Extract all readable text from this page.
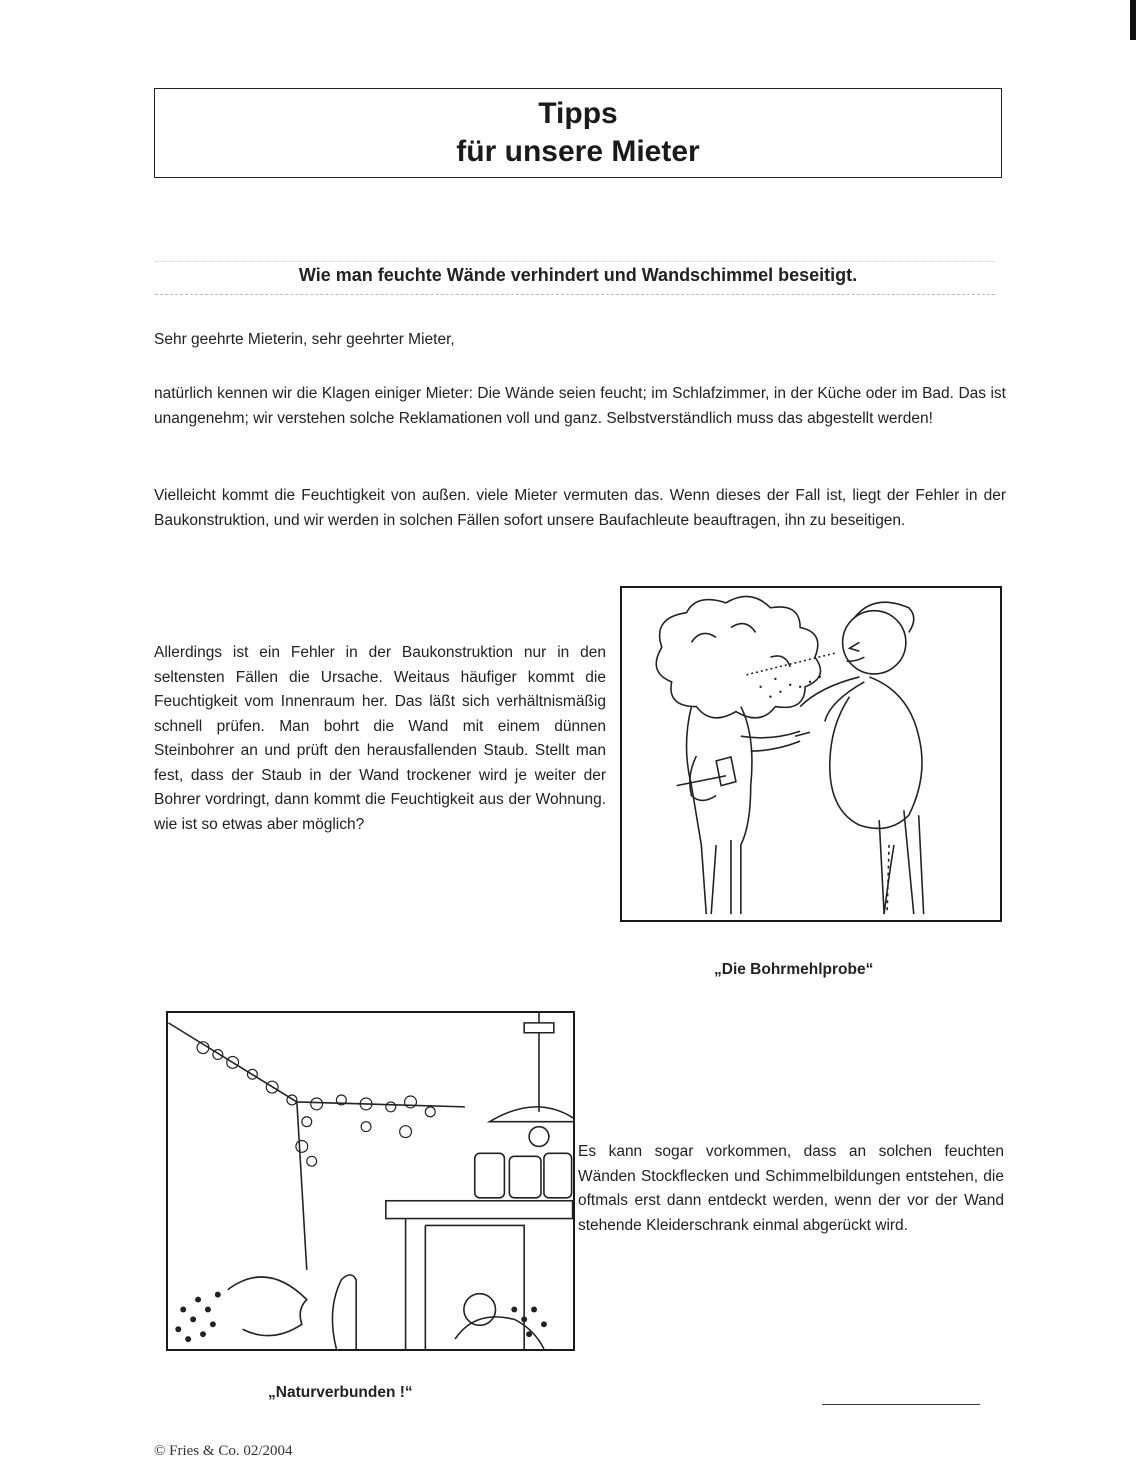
Tipps
für unsere Mieter
Wie man feuchte Wände verhindert und Wandschimmel beseitigt.
Sehr geehrte Mieterin, sehr geehrter Mieter,
natürlich kennen wir die Klagen einiger Mieter: Die Wände seien feucht; im Schlafzimmer, in der Küche oder im Bad. Das ist unangenehm; wir verstehen solche Reklamationen voll und ganz. Selbstverständlich muss das abgestellt werden!
Vielleicht kommt die Feuchtigkeit von außen. viele Mieter vermuten das. Wenn dieses der Fall ist, liegt der Fehler in der Baukonstruktion, und wir werden in solchen Fällen sofort unsere Baufachleute beauftragen, ihn zu beseitigen.
Allerdings ist ein Fehler in der Baukonstruktion nur in den seltensten Fällen die Ursache. Weitaus häufiger kommt die Feuchtigkeit vom Innenraum her. Das läßt sich verhältnismäßig schnell prüfen. Man bohrt die Wand mit einem dünnen Steinbohrer an und prüft den herausfallenden Staub. Stellt man fest, dass der Staub in der Wand trockener wird je weiter der Bohrer vordringt, dann kommt die Feuchtigkeit aus der Wohnung. wie ist so etwas aber möglich?
„Die Bohrmehlprobe“
Es kann sogar vorkommen, dass an solchen feuchten Wänden Stockflecken und Schimmelbildungen entstehen, die oftmals erst dann entdeckt werden, wenn der vor der Wand stehende Kleiderschrank einmal abgerückt wird.
„Naturverbunden !“
© Fries & Co. 02/2004
